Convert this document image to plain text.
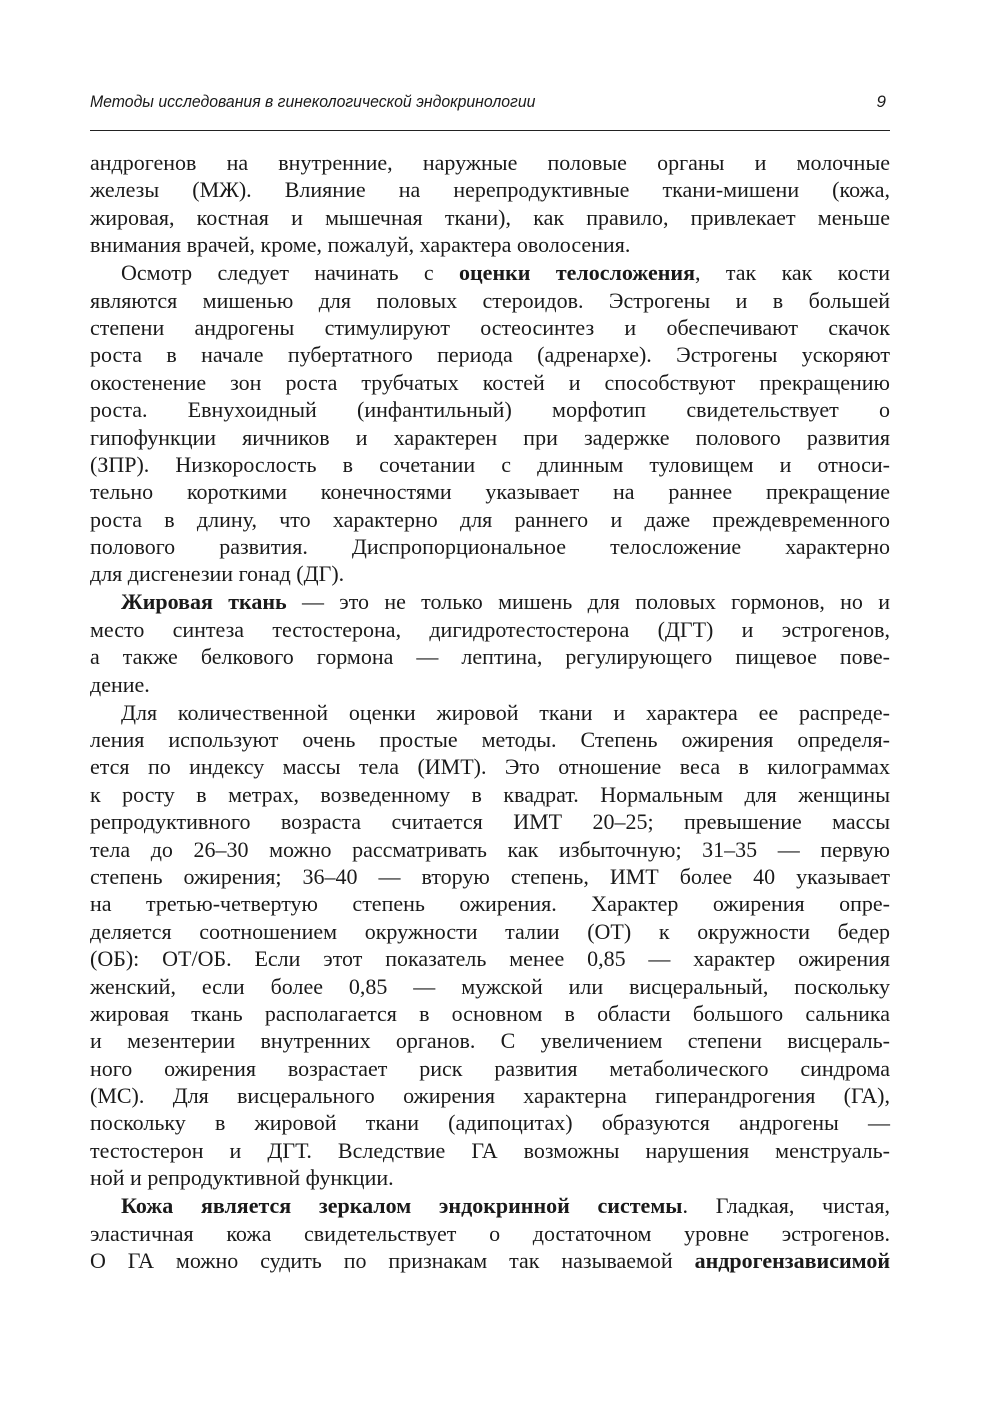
Методы исследования в гинекологической эндокринологии	9
андрогенов на внутренние, наружные половые органы и молочные
железы (МЖ). Влияние на нерепродуктивные ткани-мишени (кожа,
жировая, костная и мышечная ткани), как правило, привлекает меньше
внимания врачей, кроме, пожалуй, характера оволосения.
Осмотр следует начинать с оценки телосложения, так как кости
являются мишенью для половых стероидов. Эстрогены и в большей
степени андрогены стимулируют остеосинтез и обеспечивают скачок
роста в начале пубертатного периода (адренархе). Эстрогены ускоряют
окостенение зон роста трубчатых костей и способствуют прекращению
роста. Евнухоидный (инфантильный) морфотип свидетельствует о
гипофункции яичников и характерен при задержке полового развития
(ЗПР). Низкорослость в сочетании с длинным туловищем и относи-
тельно короткими конечностями указывает на раннее прекращение
роста в длину, что характерно для раннего и даже преждевременного
полового развития. Диспропорциональное телосложение характерно
для дисгенезии гонад (ДГ).
Жировая ткань — это не только мишень для половых гормонов, но и
место синтеза тестостерона, дигидротестостерона (ДГТ) и эстрогенов,
а также белкового гормона — лептина, регулирующего пищевое пове-
дение.
Для количественной оценки жировой ткани и характера ее распреде-
ления используют очень простые методы. Степень ожирения определя-
ется по индексу массы тела (ИМТ). Это отношение веса в килограммах
к росту в метрах, возведенному в квадрат. Нормальным для женщины
репродуктивного возраста считается ИМТ 20–25; превышение массы
тела до 26–30 можно рассматривать как избыточную; 31–35 — первую
степень ожирения; 36–40 — вторую степень, ИМТ более 40 указывает
на третью-четвертую степень ожирения. Характер ожирения опре-
деляется соотношением окружности талии (ОТ) к окружности бедер
(ОБ): ОТ/ОБ. Если этот показатель менее 0,85 — характер ожирения
женский, если более 0,85 — мужской или висцеральный, поскольку
жировая ткань располагается в основном в области большого сальника
и мезентерии внутренних органов. С увеличением степени висцераль-
ного ожирения возрастает риск развития метаболического синдрома
(МС). Для висцерального ожирения характерна гиперандрогения (ГА),
поскольку в жировой ткани (адипоцитах) образуются андрогены —
тестостерон и ДГТ. Вследствие ГА возможны нарушения менструаль-
ной и репродуктивной функции.
Кожа является зеркалом эндокринной системы. Гладкая, чистая,
эластичная кожа свидетельствует о достаточном уровне эстрогенов.
О ГА можно судить по признакам так называемой андрогензависимой
